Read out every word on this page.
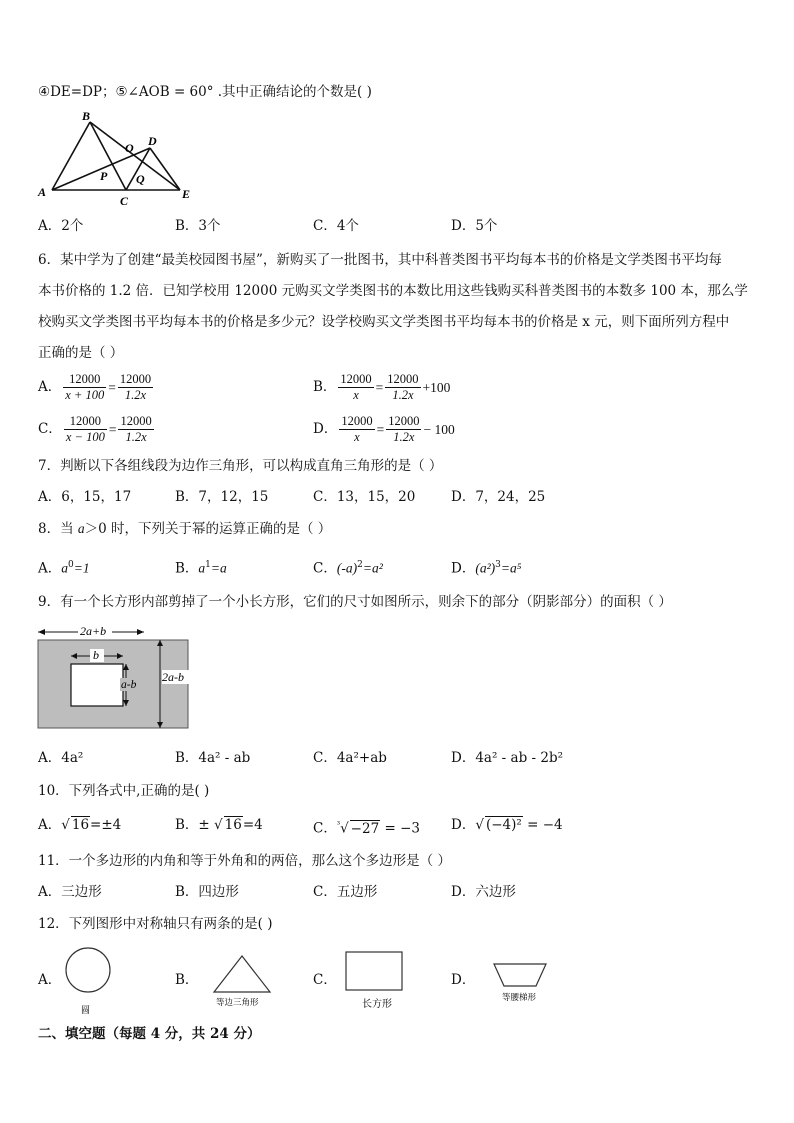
④DE=DP；⑤∠AOB = 60° .其中正确结论的个数是( )
B
A
C
D
E
O
P Q
A．2个	B．3个	C．4个	D．5个
6．某中学为了创建“最美校园图书屋”，新购买了一批图书，其中科普类图书平均每本书的价格是文学类图书平均每
本书价格的 1.2 倍．已知学校用 12000 元购买文学类图书的本数比用这些钱购买科普类图书的本数多 100 本，那么学
校购买文学类图书平均每本书的价格是多少元？设学校购买文学类图书平均每本书的价格是 x 元，则下面所列方程中
正确的是（ ）
A． $\frac{12000}{x + 100} = \frac{12000}{1.2x}$	B． $\frac{12000}{x} = \frac{12000}{1.2x} +100$
C． $\frac{12000}{x - 100} = \frac{12000}{1.2x}$	D． $\frac{12000}{x} = \frac{12000}{1.2x} - 100$
7．判断以下各组线段为边作三角形，可以构成直角三角形的是（ ）
A．6，15，17	B．7，12，15	C．13，15，20	D．7，24，25
8．当 a＞0 时，下列关于幂的运算正确的是（ ）
A．$a^0=1$	B．$a^1=a$	C．$(-a)^2=a^2$	D．$(a^2)^3=a^5$
9．有一个长方形内部剪掉了一个小长方形，它们的尺寸如图所示，则余下的部分（阴影部分）的面积（ ）
2a+b
b
a-b
2a-b
A．4a²	B．4a² - ab	C．4a²+ab	D．4a² - ab - 2b²
10．下列各式中,正确的是( )
A．√ 16=±4	B．± √ 16=4	C．$^{^3}$√ −27 = −3 D．√ (−4)² = −4
11．一个多边形的内角和等于外角和的两倍，那么这个多边形是（ ）
A．三边形	B．四边形	C．五边形	D．六边形
12．下列图形中对称轴只有两条的是( )
A．
圆
B．
等边三角形
C．
长方形
D．
等腰梯形
二、填空题（每题 4 分，共 24 分）
